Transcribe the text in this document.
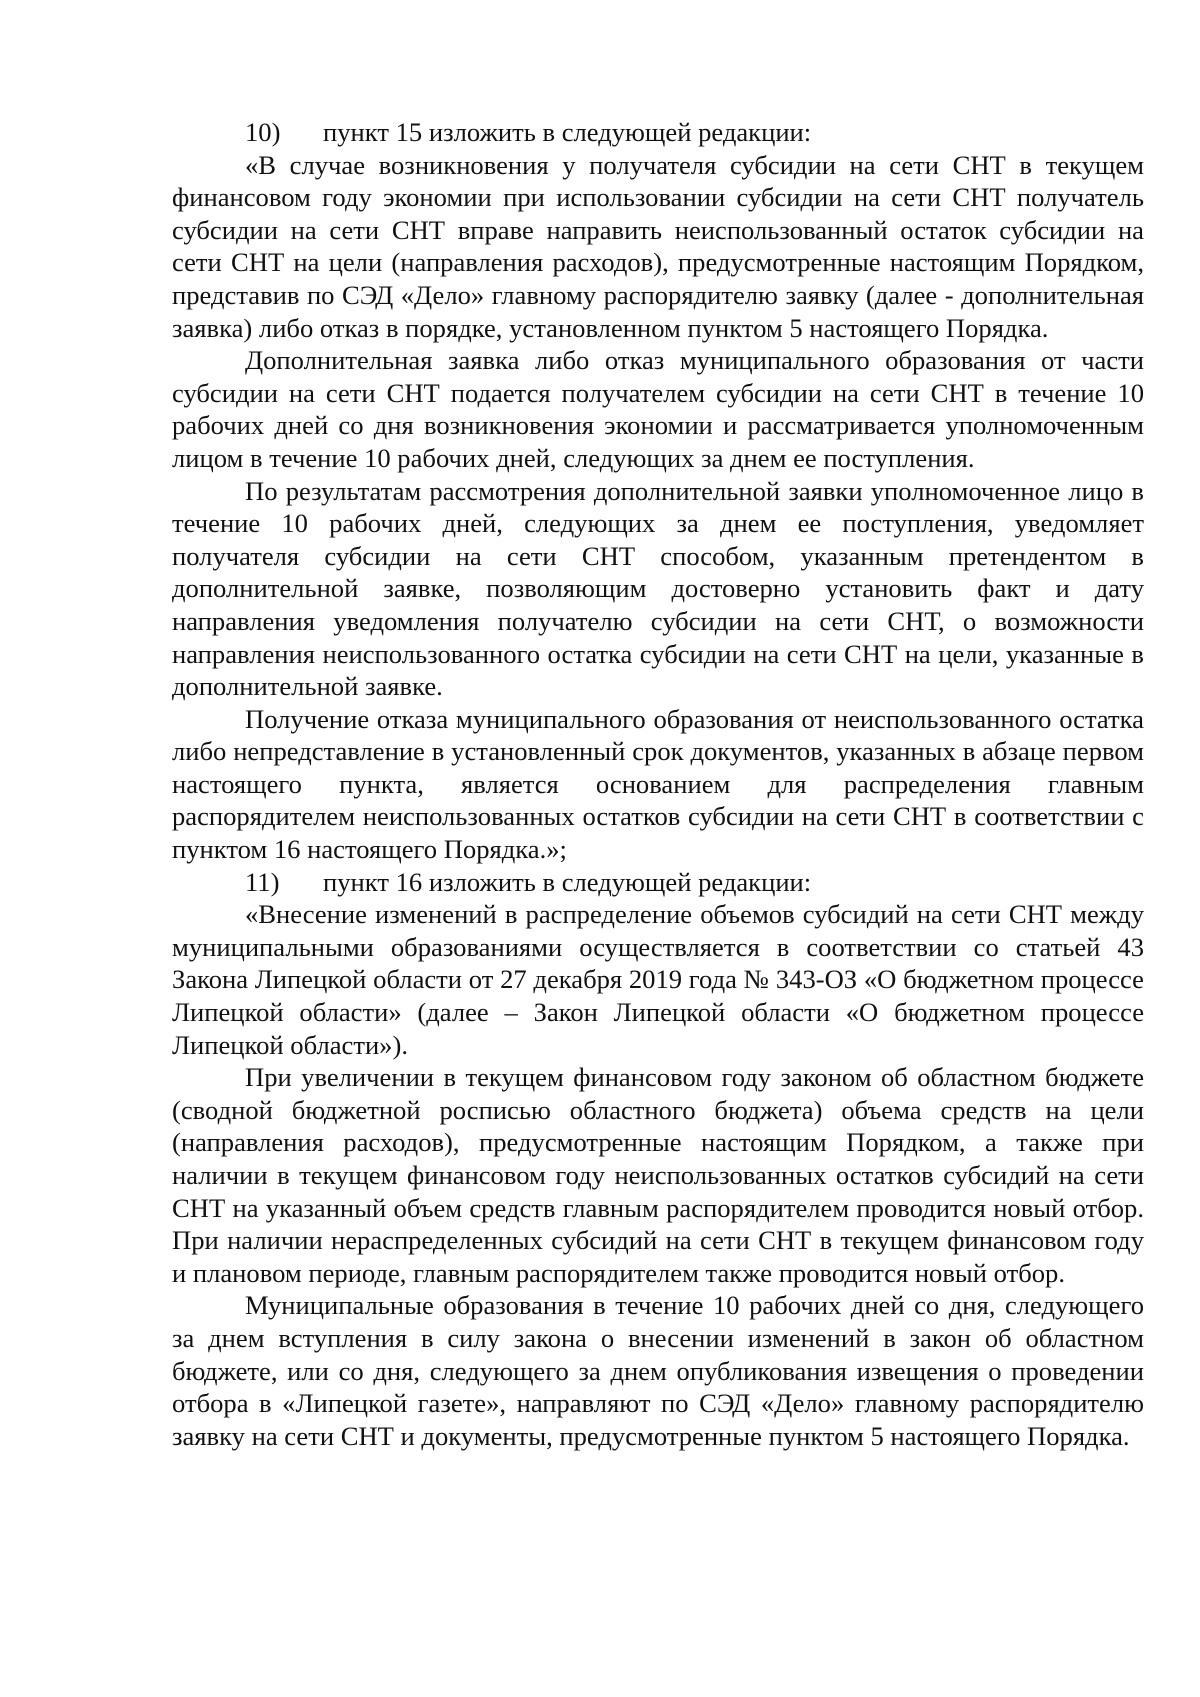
10) пункт 15 изложить в следующей редакции:

«В случае возникновения у получателя субсидии на сети СНТ в текущем финансовом году экономии при использовании субсидии на сети СНТ получатель субсидии на сети СНТ вправе направить неиспользованный остаток субсидии на сети СНТ на цели (направления расходов), предусмотренные настоящим Порядком, представив по СЭД «Дело» главному распорядителю заявку (далее - дополнительная заявка) либо отказ в порядке, установленном пунктом 5 настоящего Порядка.

Дополнительная заявка либо отказ муниципального образования от части субсидии на сети СНТ подается получателем субсидии на сети СНТ в течение 10 рабочих дней со дня возникновения экономии и рассматривается уполномоченным лицом в течение 10 рабочих дней, следующих за днем ее поступления.

По результатам рассмотрения дополнительной заявки уполномоченное лицо в течение 10 рабочих дней, следующих за днем ее поступления, уведомляет получателя субсидии на сети СНТ способом, указанным претендентом в дополнительной заявке, позволяющим достоверно установить факт и дату направления уведомления получателю субсидии на сети СНТ, о возможности направления неиспользованного остатка субсидии на сети СНТ на цели, указанные в дополнительной заявке.

Получение отказа муниципального образования от неиспользованного остатка либо непредставление в установленный срок документов, указанных в абзаце первом настоящего пункта, является основанием для распределения главным распорядителем неиспользованных остатков субсидии на сети СНТ в соответствии с пунктом 16 настоящего Порядка.»;

11) пункт 16 изложить в следующей редакции:

«Внесение изменений в распределение объемов субсидий на сети СНТ между муниципальными образованиями осуществляется в соответствии со статьей 43 Закона Липецкой области от 27 декабря 2019 года № 343-ОЗ «О бюджетном процессе Липецкой области» (далее – Закон Липецкой области «О бюджетном процессе Липецкой области»).

При увеличении в текущем финансовом году законом об областном бюджете (сводной бюджетной росписью областного бюджета) объема средств на цели (направления расходов), предусмотренные настоящим Порядком, а также при наличии в текущем финансовом году неиспользованных остатков субсидий на сети СНТ на указанный объем средств главным распорядителем проводится новый отбор. При наличии нераспределенных субсидий на сети СНТ в текущем финансовом году и плановом периоде, главным распорядителем также проводится новый отбор.

Муниципальные образования в течение 10 рабочих дней со дня, следующего за днем вступления в силу закона о внесении изменений в закон об областном бюджете, или со дня, следующего за днем опубликования извещения о проведении отбора в «Липецкой газете», направляют по СЭД «Дело» главному распорядителю заявку на сети СНТ и документы, предусмотренные пунктом 5 настоящего Порядка.
